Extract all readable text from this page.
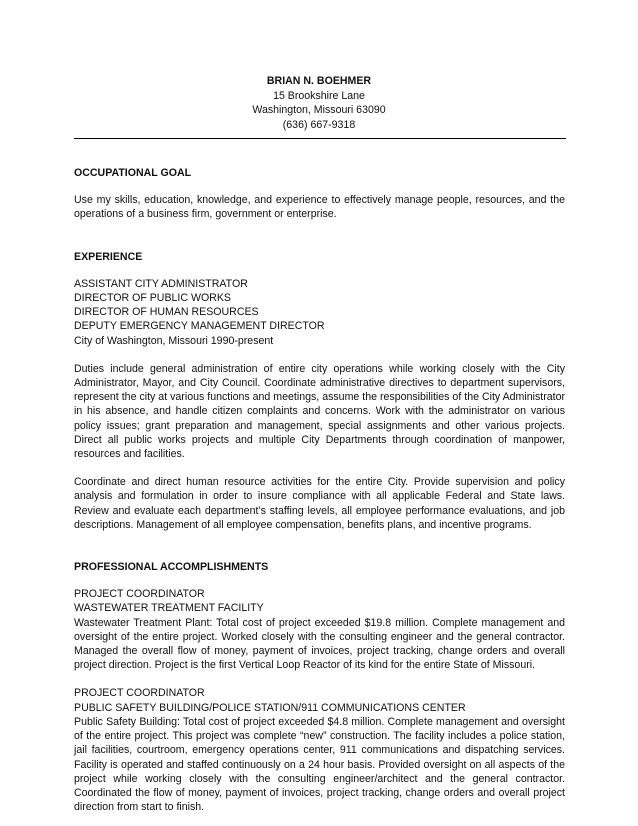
BRIAN N. BOEHMER
15 Brookshire Lane
Washington, Missouri 63090
(636) 667-9318
OCCUPATIONAL GOAL

Use my skills, education, knowledge, and experience to effectively manage people, resources, and the operations of a business firm, government or enterprise.

EXPERIENCE
ASSISTANT CITY ADMINISTRATOR
DIRECTOR OF PUBLIC WORKS
DIRECTOR OF HUMAN RESOURCES
DEPUTY EMERGENCY MANAGEMENT DIRECTOR
City of Washington, Missouri 1990-present

Duties include general administration of entire city operations while working closely with the City Administrator, Mayor, and City Council. Coordinate administrative directives to department supervisors, represent the city at various functions and meetings, assume the responsibilities of the City Administrator in his absence, and handle citizen complaints and concerns. Work with the administrator on various policy issues; grant preparation and management, special assignments and other various projects. Direct all public works projects and multiple City Departments through coordination of manpower, resources and facilities.

Coordinate and direct human resource activities for the entire City. Provide supervision and policy analysis and formulation in order to insure compliance with all applicable Federal and State laws. Review and evaluate each department’s staffing levels, all employee performance evaluations, and job descriptions. Management of all employee compensation, benefits plans, and incentive programs.

PROFESSIONAL ACCOMPLISHMENTS
PROJECT COORDINATOR
WASTEWATER TREATMENT FACILITY

Wastewater Treatment Plant: Total cost of project exceeded $19.8 million. Complete management and oversight of the entire project. Worked closely with the consulting engineer and the general contractor. Managed the overall flow of money, payment of invoices, project tracking, change orders and overall project direction. Project is the first Vertical Loop Reactor of its kind for the entire State of Missouri.

PROJECT COORDINATOR
PUBLIC SAFETY BUILDING/POLICE STATION/911 COMMUNICATIONS CENTER

Public Safety Building: Total cost of project exceeded $4.8 million. Complete management and oversight of the entire project. This project was complete “new” construction. The facility includes a police station, jail facilities, courtroom, emergency operations center, 911 communications and dispatching services. Facility is operated and staffed continuously on a 24 hour basis. Provided oversight on all aspects of the project while working closely with the consulting engineer/architect and the general contractor. Coordinated the flow of money, payment of invoices, project tracking, change orders and overall project direction from start to finish.
